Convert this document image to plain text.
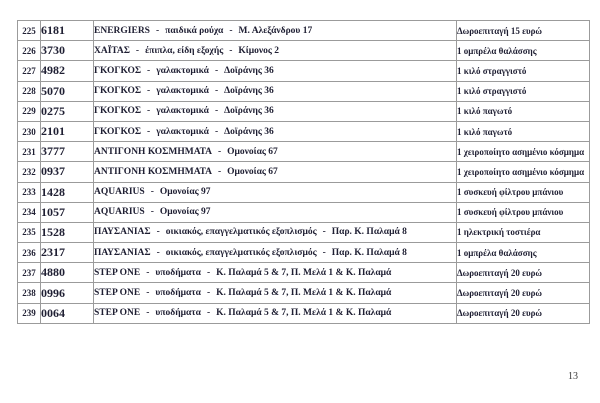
225	6181	ENERGIERS - παιδικά ρούχα - Μ. Αλεξάνδρου 17	Δωροεπιταγή 15 ευρώ
226	3730	ΧΑΪΤΑΣ - έπιπλα, είδη εξοχής - Κίμονος 2	1 ομπρέλα θαλάσσης
227	4982	ΓΚΟΓΚΟΣ - γαλακτομικά - Δοϊράνης 36	1 κιλό στραγγιστό
228	5070	ΓΚΟΓΚΟΣ - γαλακτομικά - Δοϊράνης 36	1 κιλό στραγγιστό
229	0275	ΓΚΟΓΚΟΣ - γαλακτομικά - Δοϊράνης 36	1 κιλό παγωτό
230	2101	ΓΚΟΓΚΟΣ - γαλακτομικά - Δοϊράνης 36	1 κιλό παγωτό
231	3777	ΑΝΤΙΓΟΝΗ ΚΟΣΜΗΜΑΤΑ - Ομονοίας 67	1 χειροποίητο ασημένιο κόσμημα
232	0937	ΑΝΤΙΓΟΝΗ ΚΟΣΜΗΜΑΤΑ - Ομονοίας 67	1 χειροποίητο ασημένιο κόσμημα
233	1428	AQUARIUS - Ομονοίας 97	1 συσκευή φίλτρου μπάνιου
234	1057	AQUARIUS - Ομονοίας 97	1 συσκευή φίλτρου μπάνιου
235	1528	ΠΑΥΣΑΝΙΑΣ - οικιακός, επαγγελματικός εξοπλισμός - Παρ. Κ. Παλαμά 8	1 ηλεκτρική τοστιέρα
236	2317	ΠΑΥΣΑΝΙΑΣ - οικιακός, επαγγελματικός εξοπλισμός - Παρ. Κ. Παλαμά 8	1 ομπρέλα θαλάσσης
237	4880	STEP ONE - υποδήματα - Κ. Παλαμά 5 & 7, Π. Μελά 1 & Κ. Παλαμά	Δωροεπιταγή 20 ευρώ
238	0996	STEP ONE - υποδήματα - Κ. Παλαμά 5 & 7, Π. Μελά 1 & Κ. Παλαμά	Δωροεπιταγή 20 ευρώ
239	0064	STEP ONE - υποδήματα - Κ. Παλαμά 5 & 7, Π. Μελά 1 & Κ. Παλαμά	Δωροεπιταγή 20 ευρώ
13
